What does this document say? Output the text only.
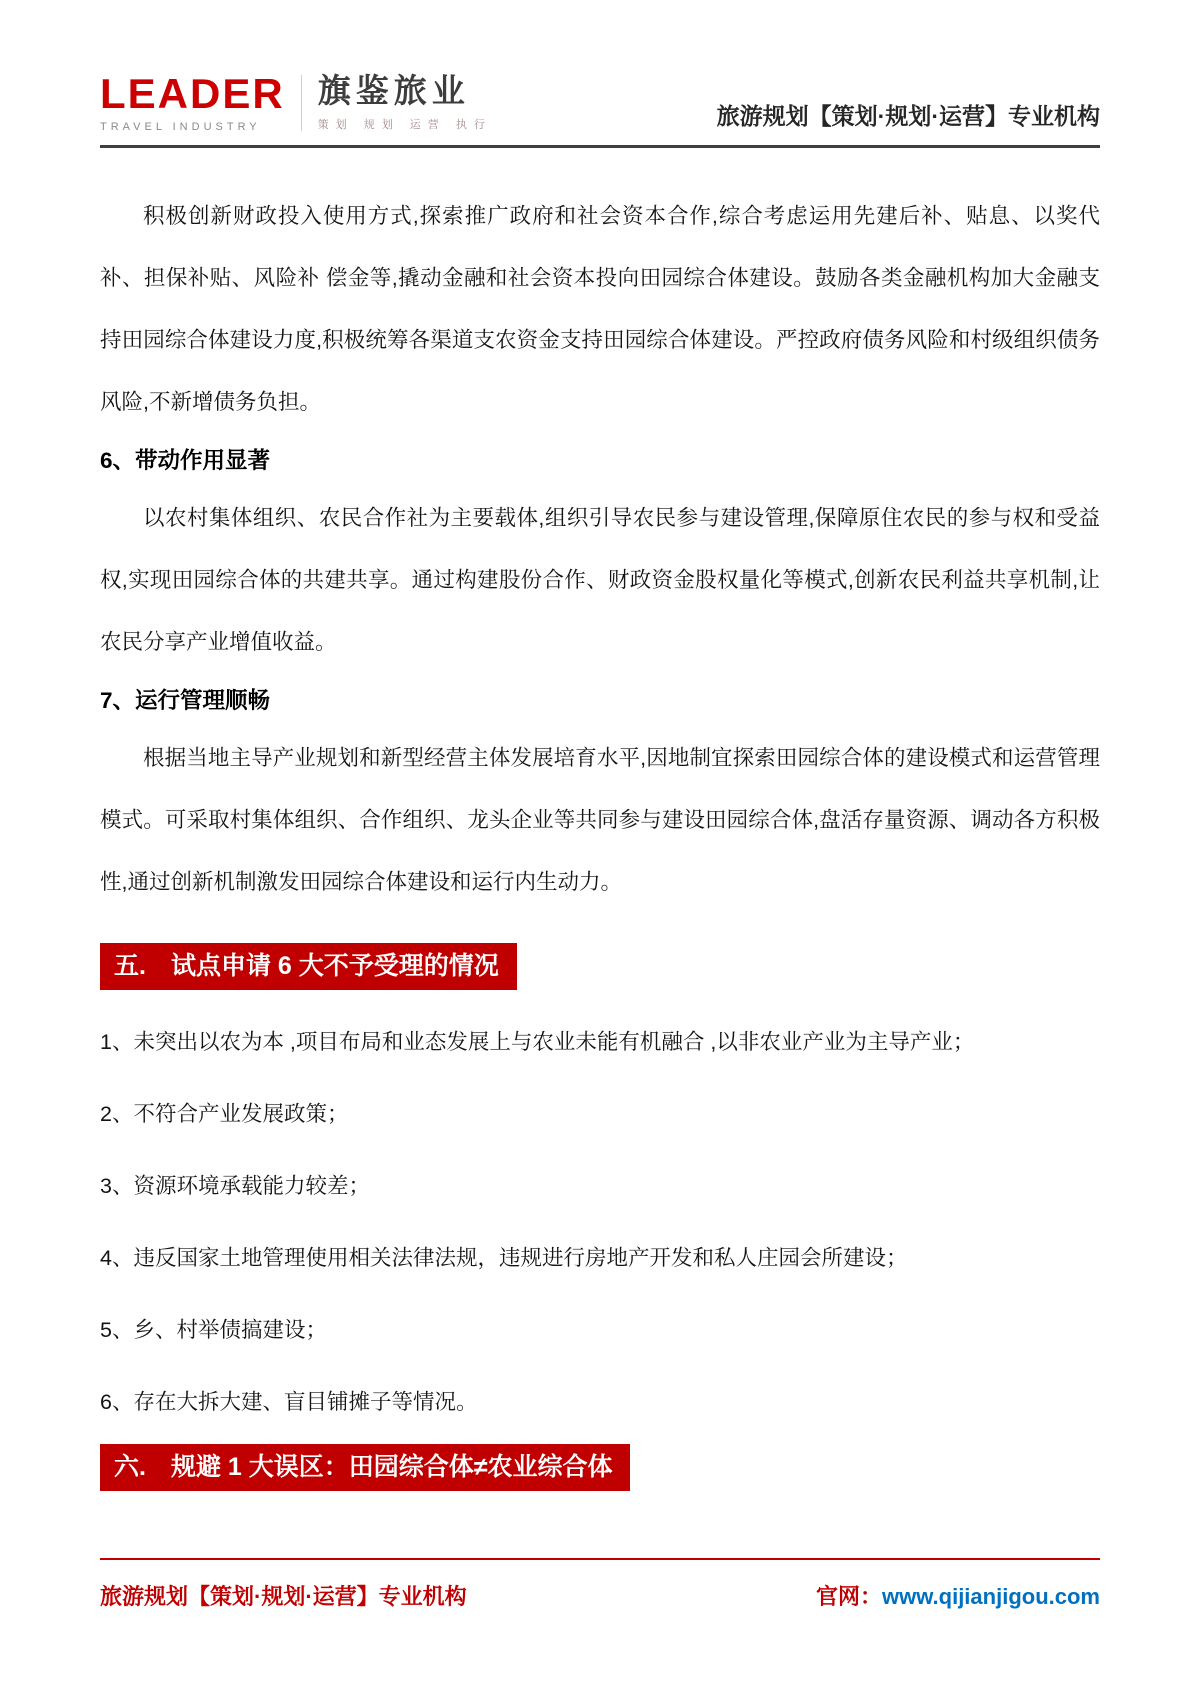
LEADER
TRAVEL INDUSTRY
旗鉴旅业
策划 规划 运营 执行	旅游规划【策划·规划·运营】专业机构

积极创新财政投入使用方式,探索推广政府和社会资本合作,综合考虑运用先建后补、贴息、以奖代补、担保补贴、风险补 偿金等,撬动金融和社会资本投向田园综合体建设。鼓励各类金融机构加大金融支持田园综合体建设力度,积极统筹各渠道支农资金支持田园综合体建设。严控政府债务风险和村级组织债务风险,不新增债务负担。

6、带动作用显著

以农村集体组织、农民合作社为主要载体,组织引导农民参与建设管理,保障原住农民的参与权和受益权,实现田园综合体的共建共享。通过构建股份合作、财政资金股权量化等模式,创新农民利益共享机制,让农民分享产业增值收益。

7、运行管理顺畅

根据当地主导产业规划和新型经营主体发展培育水平,因地制宜探索田园综合体的建设模式和运营管理模式。可采取村集体组织、合作组织、龙头企业等共同参与建设田园综合体,盘活存量资源、调动各方积极性,通过创新机制激发田园综合体建设和运行内生动力。

五.　试点申请 6 大不予受理的情况
1、未突出以农为本 ,项目布局和业态发展上与农业未能有机融合 ,以非农业产业为主导产业；
2、不符合产业发展政策；
3、资源环境承载能力较差；
4、违反国家土地管理使用相关法律法规，违规进行房地产开发和私人庄园会所建设；
5、乡、村举债搞建设；
6、存在大拆大建、盲目铺摊子等情况。
六.　规避 1 大误区：田园综合体≠农业综合体
旅游规划【策划·规划·运营】专业机构	官网：www.qijianjigou.com
